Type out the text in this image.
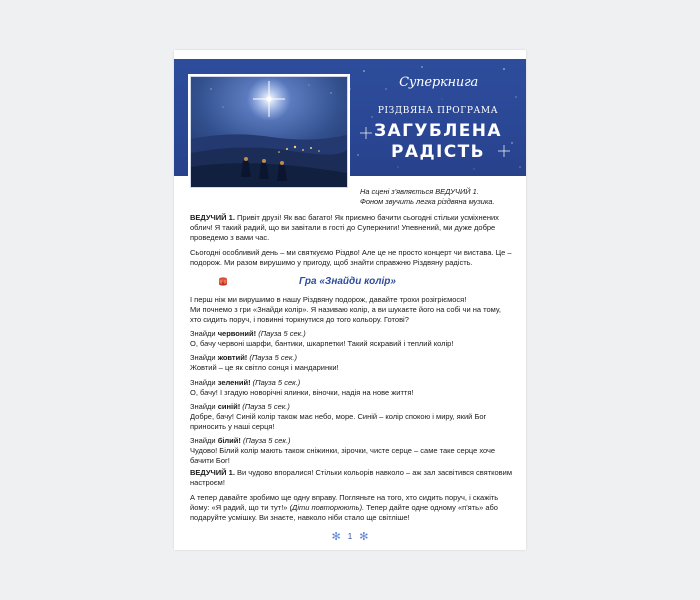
Суперкнига
РІЗДВЯНА ПРОГРАМА
ЗАГУБЛЕНА
РАДІСТЬ
На сцені з'являється ВЕДУЧИЙ 1.
Фоном звучить легка різдвяна музика.

ВЕДУЧИЙ 1. Привіт друзі! Як вас багато! Як приємно бачити сьогодні стільки усміхнених облич! Я такий радий, що ви завітали в гості до Суперкниги! Упевнений, ми дуже добре проведемо з вами час.

Сьогодні особливий день – ми святкуємо Різдво! Але це не просто концерт чи вистава. Це – подорож. Ми разом вирушимо у пригоду, щоб знайти справжню Різдвяну радість.

Гра «Знайди колір»

І перш ніж ми вирушимо в нашу Різдвяну подорож, давайте трохи розігріємося!

Ми почнемо з гри «Знайди колір». Я називаю колір, а ви шукаєте його на собі чи на тому, хто сидить поруч, і повинні торкнутися до того кольору. Готові?

Знайди червоний! (Пауза 5 сек.)

О, бачу червоні шарфи, бантики, шкарпетки! Такий яскравий і теплий колір!

Знайди жовтий! (Пауза 5 сек.)

Жовтий – це як світло сонця і мандаринки!

Знайди зелений! (Пауза 5 сек.)

О, бачу! І згадую новорічні ялинки, віночки, надія на нове життя!

Знайди синій! (Пауза 5 сек.)

Добре, бачу! Синій колір також має небо, море. Синій – колір спокою і миру, який Бог приносить у наші серця!

Знайди білий! (Пауза 5 сек.)

Чудово! Білий колір мають також сніжинки, зірочки, чисте серце – саме таке серце хоче бачити Бог!

ВЕДУЧИЙ 1. Ви чудово впоралися! Стільки кольорів навколо – аж зал засвітився святковим настроєм!

А тепер давайте зробимо ще одну вправу. Погляньте на того, хто сидить поруч, і скажіть йому: «Я радий, що ти тут!» (Діти повторюють). Тепер дайте одне одному «п'ять» або подаруйте усмішку. Ви знаєте, навколо ніби стало ще світліше!

✻ 1 ✻
